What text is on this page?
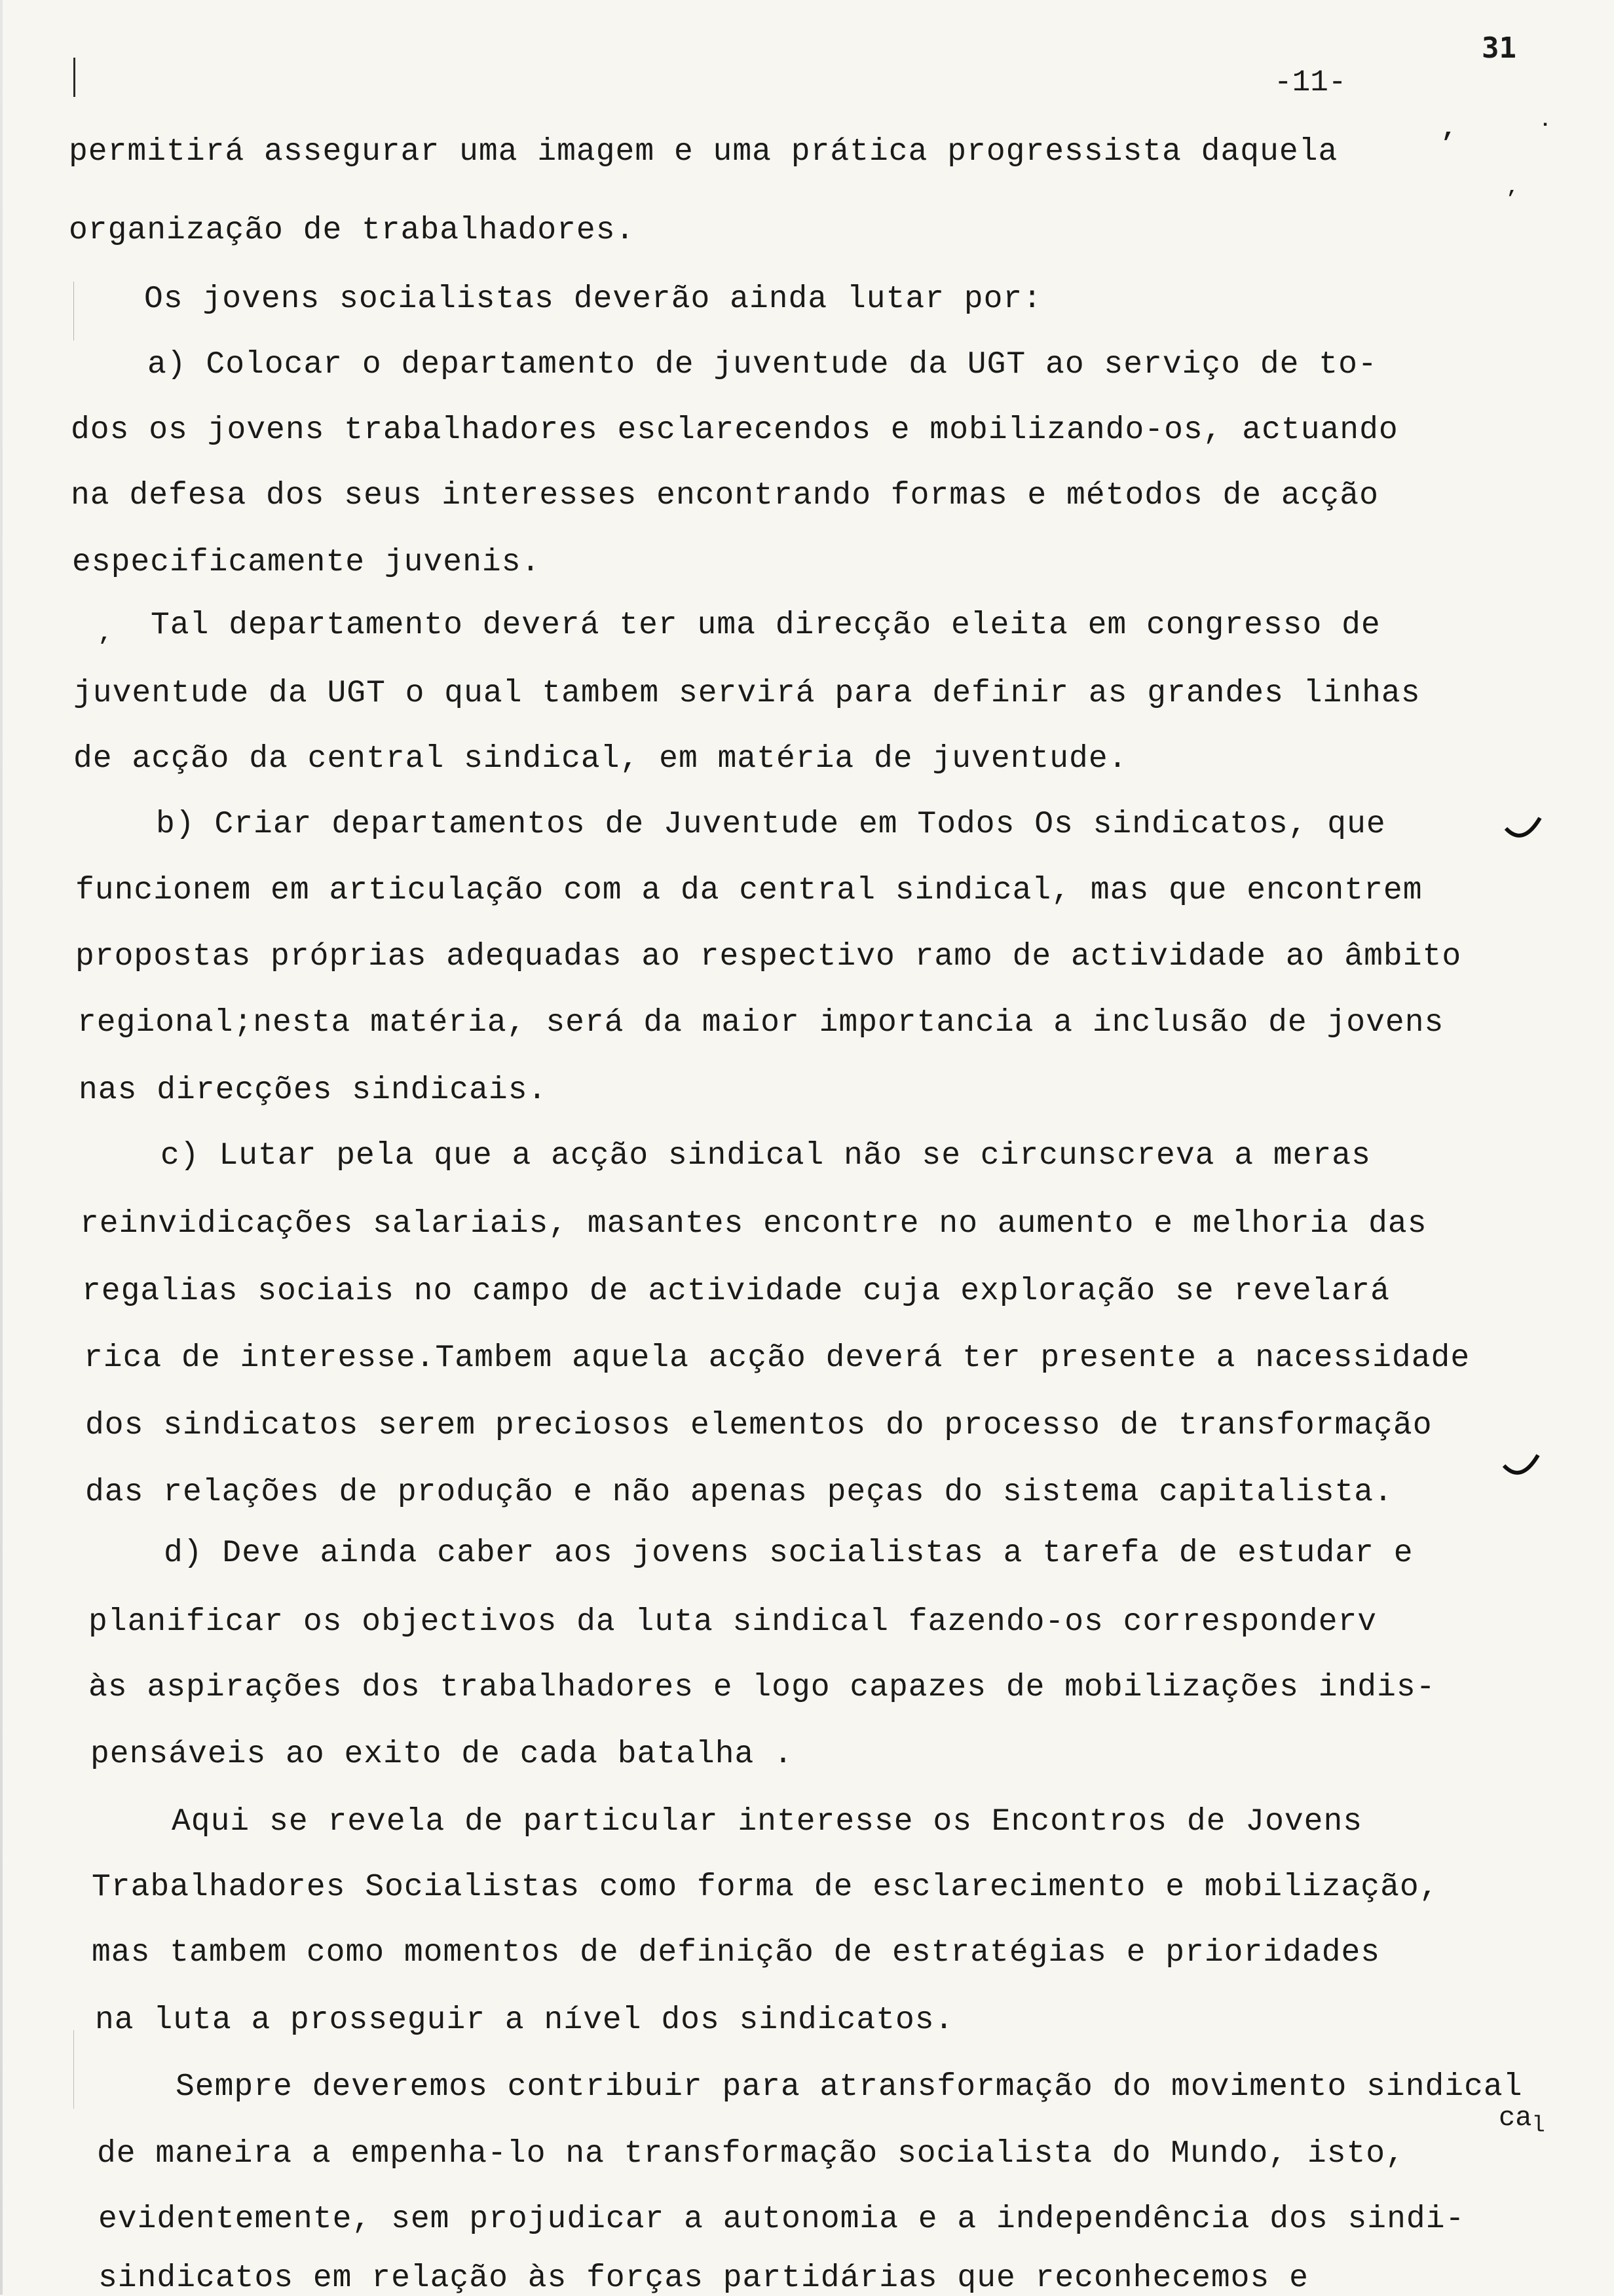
31
-11-
,	.
,
,
permitirá assegurar uma imagem e uma prática progressista daquela
organização de trabalhadores.
Os jovens socialistas deverão ainda lutar por:
a) Colocar o departamento de juventude da UGT ao serviço de to-
dos os jovens trabalhadores esclarecendos e mobilizando-os, actuando
na defesa dos seus interesses encontrando formas e métodos de acção
especificamente juvenis.
Tal departamento deverá ter uma direcção eleita em congresso de
juventude da UGT o qual tambem servirá para definir as grandes linhas
de acção da central sindical, em matéria de juventude.
b) Criar departamentos de Juventude em Todos Os sindicatos, que
funcionem em articulação com a da central sindical, mas que encontrem
propostas próprias adequadas ao respectivo ramo de actividade ao âmbito
regional;nesta matéria, será da maior importancia a inclusão de jovens
nas direcções sindicais.
c) Lutar pela que a acção sindical não se circunscreva a meras
reinvidicações salariais, masantes encontre no aumento e melhoria das
regalias sociais no campo de actividade cuja exploração se revelará
rica de interesse.Tambem aquela acção deverá ter presente a nacessidade
dos sindicatos serem preciosos elementos do processo de transformação
das relações de produção e não apenas peças do sistema capitalista.
d) Deve ainda caber aos jovens socialistas a tarefa de estudar e
planificar os objectivos da luta sindical fazendo-os corresponderv
às aspirações dos trabalhadores e logo capazes de mobilizações indis-
pensáveis ao exito de cada batalha .
Aqui se revela de particular interesse os Encontros de Jovens
Trabalhadores Socialistas como forma de esclarecimento e mobilização,
mas tambem como momentos de definição de estratégias e prioridades
na luta a prosseguir a nível dos sindicatos.
Sempre deveremos contribuir para atransformação do movimento sindical
de maneira a empenha-lo na transformação socialista do Mundo, isto,
evidentemente, sem projudicar a autonomia e a independência dos sindi-
sindicatos em relação às forças partidárias que reconhecemos e
$ca_l$
